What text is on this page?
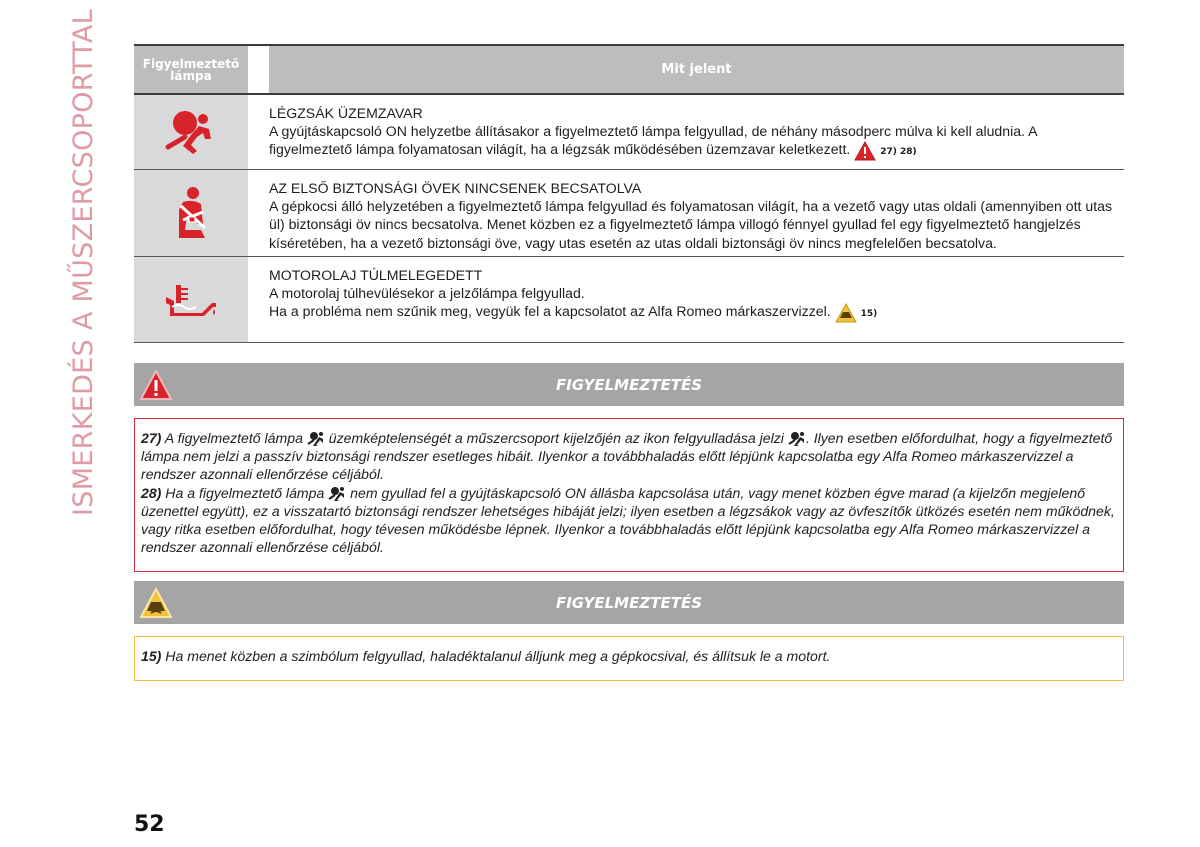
ISMERKEDÉS A MŰSZERCSOPORTTAL	Figyelmeztető
lámpa	Mit jelent

LÉGZSÁK ÜZEMZAVAR

A gyújtáskapcsoló ON helyzetbe állításakor a figyelmeztető lámpa felgyullad, de néhány másodperc múlva ki kell aludnia. A figyelmeztető lámpa folyamatosan világít, ha a légzsák működésében üzemzavar keletkezett.	27) 28)

AZ ELSŐ BIZTONSÁGI ÖVEK NINCSENEK BECSATOLVA

A gépkocsi álló helyzetében a figyelmeztető lámpa felgyullad és folyamatosan világít, ha a vezető vagy utas oldali (amennyiben ott utas ül) biztonsági öv nincs becsatolva. Menet közben ez a figyelmeztető lámpa villogó fénnyel gyullad fel egy figyelmeztető hangjelzés kíséretében, ha a vezető biztonsági öve, vagy utas esetén az utas oldali biztonsági öv nincs megfelelően becsatolva.

MOTOROLAJ TÚLMELEGEDETT

A motorolaj túlhevülésekor a jelzőlámpa felgyullad.

Ha a probléma nem szűnik meg, vegyük fel a kapcsolatot az Alfa Romeo márkaszervizzel.	15)

FIGYELMEZTETÉS

27) A figyelmeztető lámpa üzemképtelenségét a műszercsoport kijelzőjén az ikon felgyulladása jelzi . Ilyen esetben előfordulhat, hogy a figyelmeztető lámpa nem jelzi a passzív biztonsági rendszer esetleges hibáit. Ilyenkor a továbbhaladás előtt lépjünk kapcsolatba egy Alfa Romeo márkaszervizzel a rendszer azonnali ellenőrzése céljából.

28) Ha a figyelmeztető lámpa nem gyullad fel a gyújtáskapcsoló ON állásba kapcsolása után, vagy menet közben égve marad (a kijelzőn megjelenő üzenettel együtt), ez a visszatartó biztonsági rendszer lehetséges hibáját jelzi; ilyen esetben a légzsákok vagy az övfeszítők ütközés esetén nem működnek, vagy ritka esetben előfordulhat, hogy tévesen működésbe lépnek. Ilyenkor a továbbhaladás előtt lépjünk kapcsolatba egy Alfa Romeo márkaszervizzel a rendszer azonnali ellenőrzése céljából.

FIGYELMEZTETÉS

15) Ha menet közben a szimbólum felgyullad, haladéktalanul álljunk meg a gépkocsival, és állítsuk le a motort.

52
